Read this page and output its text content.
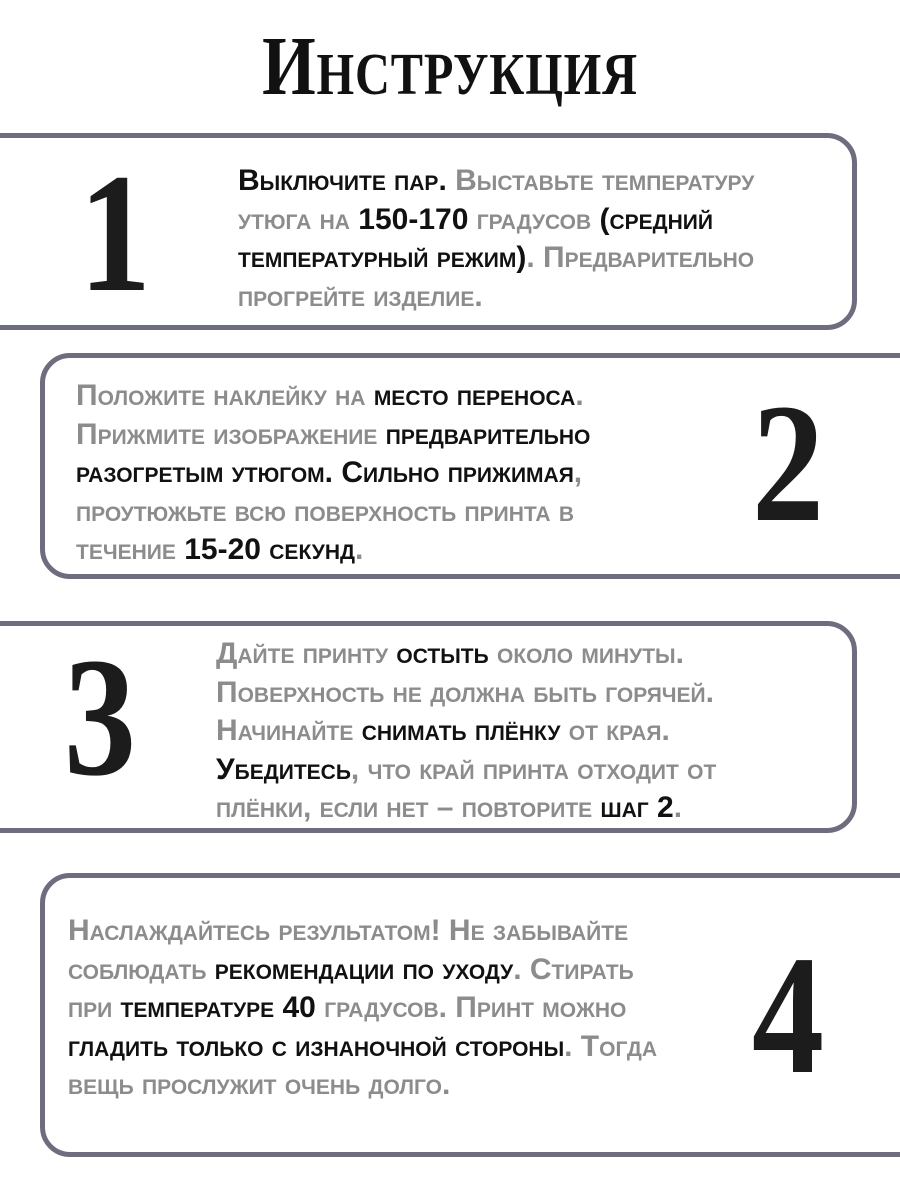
Инструкция
1	Выключите пар. Выставьте температуру
утюга на 150-170 градусов (средний
температурный режим). Предварительно
прогрейте изделие.
2
Положите наклейку на место переноса.
Прижмите изображение предварительно
разогретым утюгом. Сильно прижимая,
проутюжьте всю поверхность принта в
течение 15-20 секунд.
3	Дайте принту остыть около минуты.
Поверхность не должна быть горячей.
Начинайте снимать плёнку от края.
Убедитесь, что край принта отходит от
плёнки, если нет – повторите шаг 2.
4
Наслаждайтесь результатом! Не забывайте
соблюдать рекомендации по уходу. Стирать
при температуре 40 градусов. Принт можно
гладить только с изнаночной стороны. Тогда
вещь прослужит очень долго.
